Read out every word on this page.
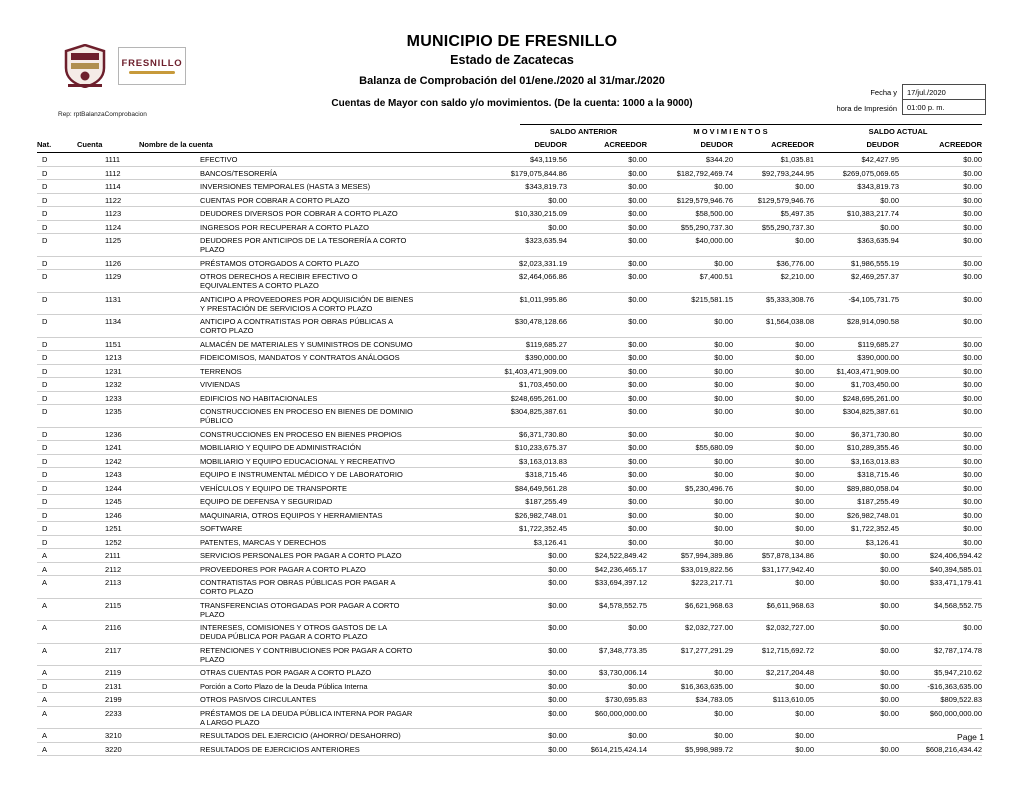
FRESNILLO
MUNICIPIO DE FRESNILLO
Estado de Zacatecas
Balanza de Comprobación del 01/ene./2020 al 31/mar./2020
Cuentas de Mayor con saldo y/o movimientos. (De la cuenta: 1000 a la 9000)
Fecha y	17/jul./2020
hora de Impresión	01:00 p. m.
Rep: rptBalanzaComprobacion

			SALDO ANTERIOR		M O V I M I E N T O S		SALDO ACTUAL	

Nat.	Cuenta	Nombre de la cuenta	DEUDOR	ACREEDOR	DEUDOR	ACREEDOR	DEUDOR	ACREEDOR
D	1111	EFECTIVO	$43,119.56	$0.00	$344.20	$1,035.81	$42,427.95	$0.00
D	1112	BANCOS/TESORERÍA	$179,075,844.86	$0.00	$182,792,469.74	$92,793,244.95	$269,075,069.65	$0.00
D	1114	INVERSIONES TEMPORALES (HASTA 3 MESES)	$343,819.73	$0.00	$0.00	$0.00	$343,819.73	$0.00
D	1122	CUENTAS POR COBRAR A CORTO PLAZO	$0.00	$0.00	$129,579,946.76	$129,579,946.76	$0.00	$0.00
D	1123	DEUDORES DIVERSOS POR COBRAR A CORTO PLAZO	$10,330,215.09	$0.00	$58,500.00	$5,497.35	$10,383,217.74	$0.00
D	1124	INGRESOS POR RECUPERAR A CORTO PLAZO	$0.00	$0.00	$55,290,737.30	$55,290,737.30	$0.00	$0.00
D	1125	DEUDORES POR ANTICIPOS DE LA TESORERÍA A CORTO PLAZO	$323,635.94	$0.00	$40,000.00	$0.00	$363,635.94	$0.00
D	1126	PRÉSTAMOS OTORGADOS A CORTO PLAZO	$2,023,331.19	$0.00	$0.00	$36,776.00	$1,986,555.19	$0.00
D	1129	OTROS DERECHOS A RECIBIR EFECTIVO O EQUIVALENTES A CORTO PLAZO	$2,464,066.86	$0.00	$7,400.51	$2,210.00	$2,469,257.37	$0.00
D	1131	ANTICIPO A PROVEEDORES POR ADQUISICIÓN DE BIENES Y PRESTACIÓN DE SERVICIOS A CORTO PLAZO	$1,011,995.86	$0.00	$215,581.15	$5,333,308.76	-$4,105,731.75	$0.00
D	1134	ANTICIPO A CONTRATISTAS POR OBRAS PÚBLICAS A CORTO PLAZO	$30,478,128.66	$0.00	$0.00	$1,564,038.08	$28,914,090.58	$0.00
D	1151	ALMACÉN DE MATERIALES Y SUMINISTROS DE CONSUMO	$119,685.27	$0.00	$0.00	$0.00	$119,685.27	$0.00
D	1213	FIDEICOMISOS, MANDATOS Y CONTRATOS ANÁLOGOS	$390,000.00	$0.00	$0.00	$0.00	$390,000.00	$0.00
D	1231	TERRENOS	$1,403,471,909.00	$0.00	$0.00	$0.00	$1,403,471,909.00	$0.00
D	1232	VIVIENDAS	$1,703,450.00	$0.00	$0.00	$0.00	$1,703,450.00	$0.00
D	1233	EDIFICIOS NO HABITACIONALES	$248,695,261.00	$0.00	$0.00	$0.00	$248,695,261.00	$0.00
D	1235	CONSTRUCCIONES EN PROCESO EN BIENES DE DOMINIO PÚBLICO	$304,825,387.61	$0.00	$0.00	$0.00	$304,825,387.61	$0.00
D	1236	CONSTRUCCIONES EN PROCESO EN BIENES PROPIOS	$6,371,730.80	$0.00	$0.00	$0.00	$6,371,730.80	$0.00
D	1241	MOBILIARIO Y EQUIPO DE ADMINISTRACIÓN	$10,233,675.37	$0.00	$55,680.09	$0.00	$10,289,355.46	$0.00
D	1242	MOBILIARIO Y EQUIPO EDUCACIONAL Y RECREATIVO	$3,163,013.83	$0.00	$0.00	$0.00	$3,163,013.83	$0.00
D	1243	EQUIPO E INSTRUMENTAL MÉDICO Y DE LABORATORIO	$318,715.46	$0.00	$0.00	$0.00	$318,715.46	$0.00
D	1244	VEHÍCULOS Y EQUIPO DE TRANSPORTE	$84,649,561.28	$0.00	$5,230,496.76	$0.00	$89,880,058.04	$0.00
D	1245	EQUIPO DE DEFENSA Y SEGURIDAD	$187,255.49	$0.00	$0.00	$0.00	$187,255.49	$0.00
D	1246	MAQUINARIA, OTROS EQUIPOS Y HERRAMIENTAS	$26,982,748.01	$0.00	$0.00	$0.00	$26,982,748.01	$0.00
D	1251	SOFTWARE	$1,722,352.45	$0.00	$0.00	$0.00	$1,722,352.45	$0.00
D	1252	PATENTES, MARCAS Y DERECHOS	$3,126.41	$0.00	$0.00	$0.00	$3,126.41	$0.00
A	2111	SERVICIOS PERSONALES POR PAGAR A CORTO PLAZO	$0.00	$24,522,849.42	$57,994,389.86	$57,878,134.86	$0.00	$24,406,594.42
A	2112	PROVEEDORES POR PAGAR A CORTO PLAZO	$0.00	$42,236,465.17	$33,019,822.56	$31,177,942.40	$0.00	$40,394,585.01
A	2113	CONTRATISTAS POR OBRAS PÚBLICAS POR PAGAR A CORTO PLAZO	$0.00	$33,694,397.12	$223,217.71	$0.00	$0.00	$33,471,179.41
A	2115	TRANSFERENCIAS OTORGADAS POR PAGAR A CORTO PLAZO	$0.00	$4,578,552.75	$6,621,968.63	$6,611,968.63	$0.00	$4,568,552.75
A	2116	INTERESES, COMISIONES Y OTROS GASTOS DE LA DEUDA PÚBLICA POR PAGAR A CORTO PLAZO	$0.00	$0.00	$2,032,727.00	$2,032,727.00	$0.00	$0.00
A	2117	RETENCIONES Y CONTRIBUCIONES POR PAGAR A CORTO PLAZO	$0.00	$7,348,773.35	$17,277,291.29	$12,715,692.72	$0.00	$2,787,174.78
A	2119	OTRAS CUENTAS POR PAGAR A CORTO PLAZO	$0.00	$3,730,006.14	$0.00	$2,217,204.48	$0.00	$5,947,210.62
D	2131	Porción a Corto Plazo de la Deuda Pública Interna	$0.00	$0.00	$16,363,635.00	$0.00	$0.00	-$16,363,635.00
A	2199	OTROS PASIVOS CIRCULANTES	$0.00	$730,695.83	$34,783.05	$113,610.05	$0.00	$809,522.83
A	2233	PRÉSTAMOS DE LA DEUDA PÚBLICA INTERNA POR PAGAR A LARGO PLAZO	$0.00	$60,000,000.00	$0.00	$0.00	$0.00	$60,000,000.00
A	3210	RESULTADOS DEL EJERCICIO (AHORRO/ DESAHORRO)	$0.00	$0.00	$0.00	$0.00		
A	3220	RESULTADOS DE EJERCICIOS ANTERIORES	$0.00	$614,215,424.14	$5,998,989.72	$0.00	$0.00	$608,216,434.42
Page 1
